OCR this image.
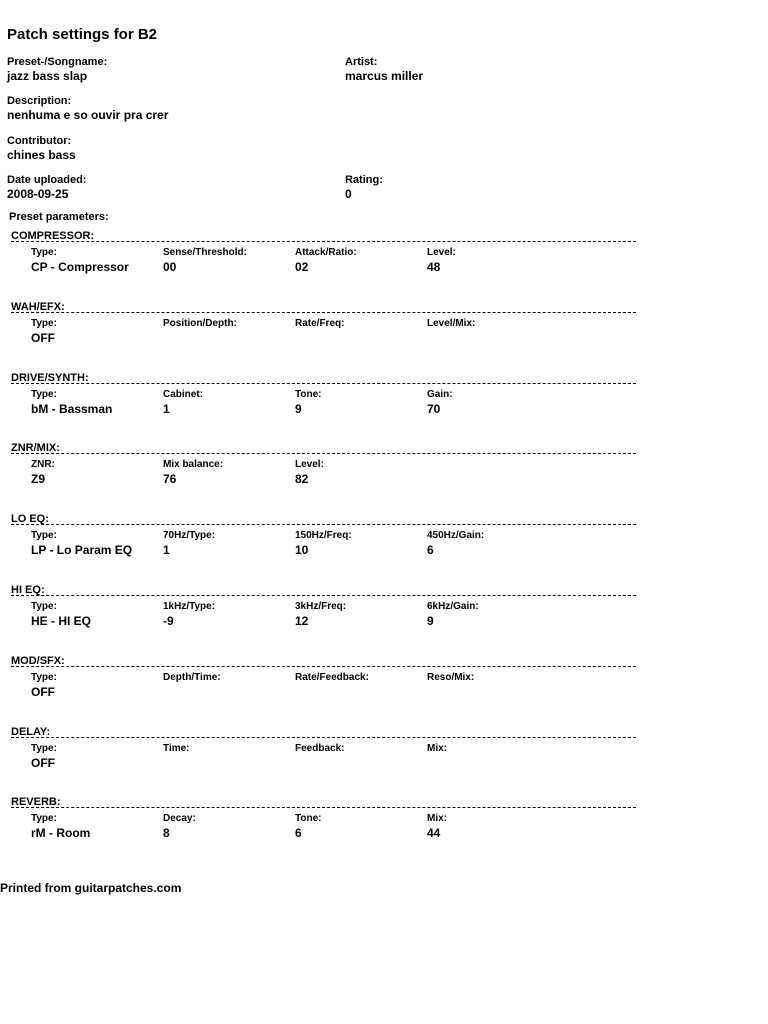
Patch settings for B2
Preset-/Songname:
jazz bass slap
Artist:
marcus miller
Description:
nenhuma e so ouvir pra crer
Contributor:
chines bass
Date uploaded:
2008-09-25
Rating:
0
Preset parameters:
COMPRESSOR:
Type:
CP - Compressor
Sense/Threshold:
00
Attack/Ratio:
02
Level:
48
WAH/EFX:
Type:
OFF
Position/Depth:	Rate/Freq:	Level/Mix:
DRIVE/SYNTH:
Type:
bM - Bassman
Cabinet:
1
Tone:
9
Gain:
70
ZNR/MIX:
ZNR:
Z9
Mix balance:
76
Level:
82
LO EQ:
Type:
LP - Lo Param EQ
70Hz/Type:
1
150Hz/Freq:
10
450Hz/Gain:
6
HI EQ:
Type:
HE - HI EQ
1kHz/Type:
-9
3kHz/Freq:
12
6kHz/Gain:
9
MOD/SFX:
Type:
OFF
Depth/Time:	Rate/Feedback:	Reso/Mix:
DELAY:
Type:
OFF
Time:	Feedback:	Mix:
REVERB:
Type:
rM - Room
Decay:
8
Tone:
6
Mix:
44
Printed from guitarpatches.com
